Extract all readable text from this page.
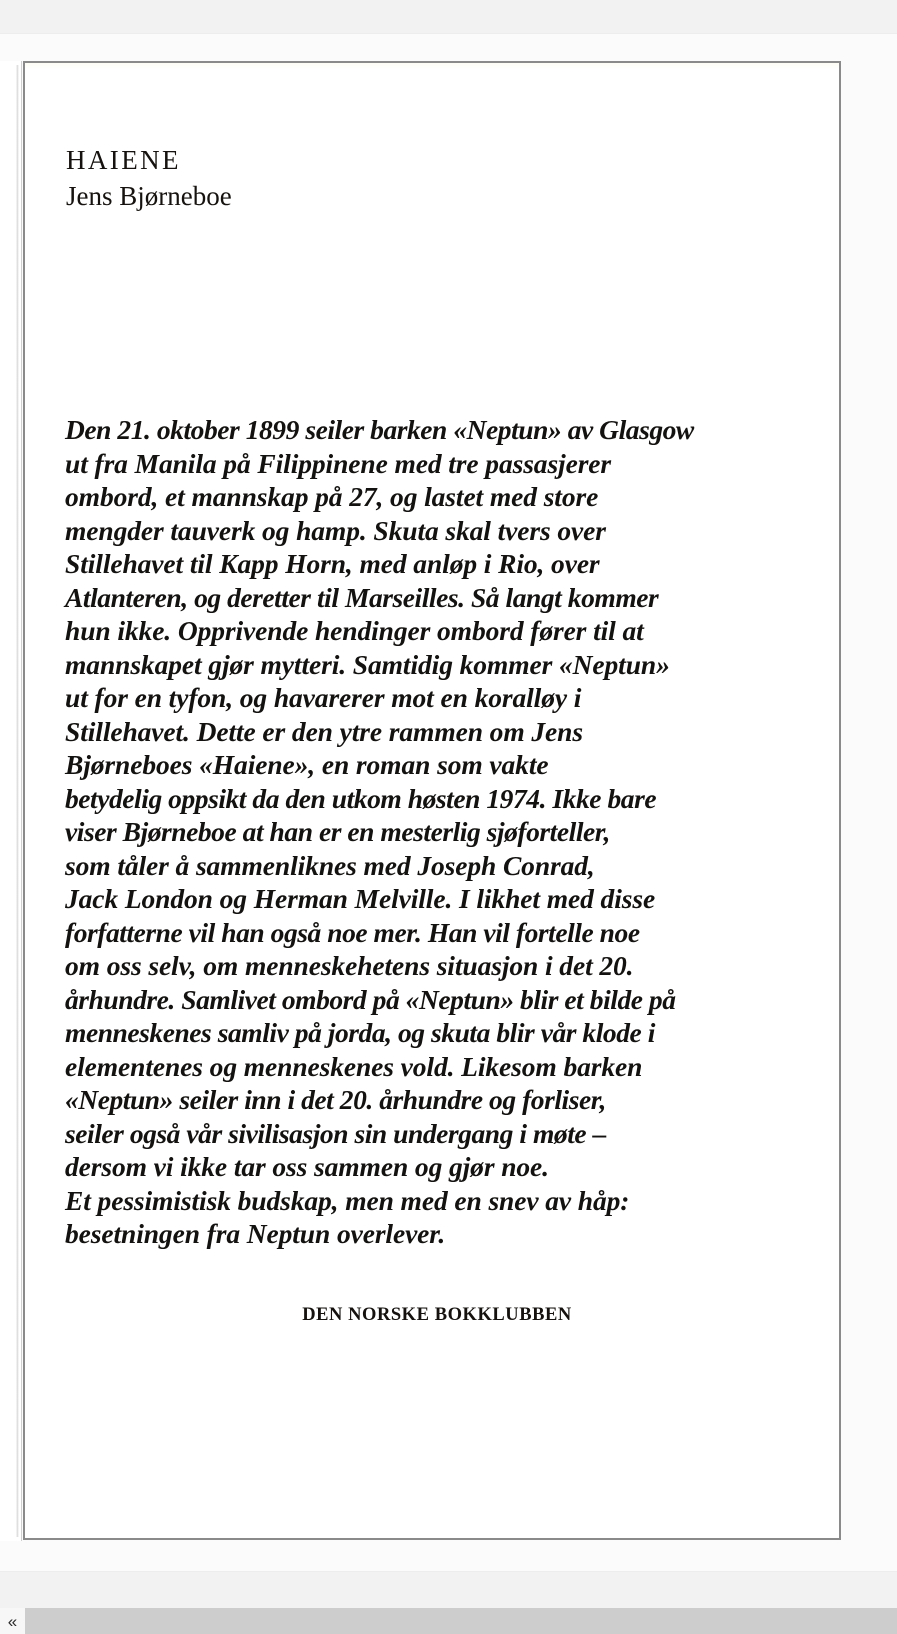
HAIENE
Jens Bjørneboe
Den 21. oktober 1899 seiler barken «Neptun» av Glasgow
ut fra Manila på Filippinene med tre passasjerer
ombord, et mannskap på 27, og lastet med store
mengder tauverk og hamp. Skuta skal tvers over
Stillehavet til Kapp Horn, med anløp i Rio, over
Atlanteren, og deretter til Marseilles. Så langt kommer
hun ikke. Opprivende hendinger ombord fører til at
mannskapet gjør mytteri. Samtidig kommer «Neptun»
ut for en tyfon, og havarerer mot en koralløy i
Stillehavet. Dette er den ytre rammen om Jens
Bjørneboes «Haiene», en roman som vakte
betydelig oppsikt da den utkom høsten 1974. Ikke bare
viser Bjørneboe at han er en mesterlig sjøforteller,
som tåler å sammenliknes med Joseph Conrad,
Jack London og Herman Melville. I likhet med disse
forfatterne vil han også noe mer. Han vil fortelle noe
om oss selv, om menneskehetens situasjon i det 20.
århundre. Samlivet ombord på «Neptun» blir et bilde på
menneskenes samliv på jorda, og skuta blir vår klode i
elementenes og menneskenes vold. Likesom barken
«Neptun» seiler inn i det 20. århundre og forliser,
seiler også vår sivilisasjon sin undergang i møte –
dersom vi ikke tar oss sammen og gjør noe.
Et pessimistisk budskap, men med en snev av håp:
besetningen fra Neptun overlever.
DEN NORSKE BOKKLUBBEN
«
